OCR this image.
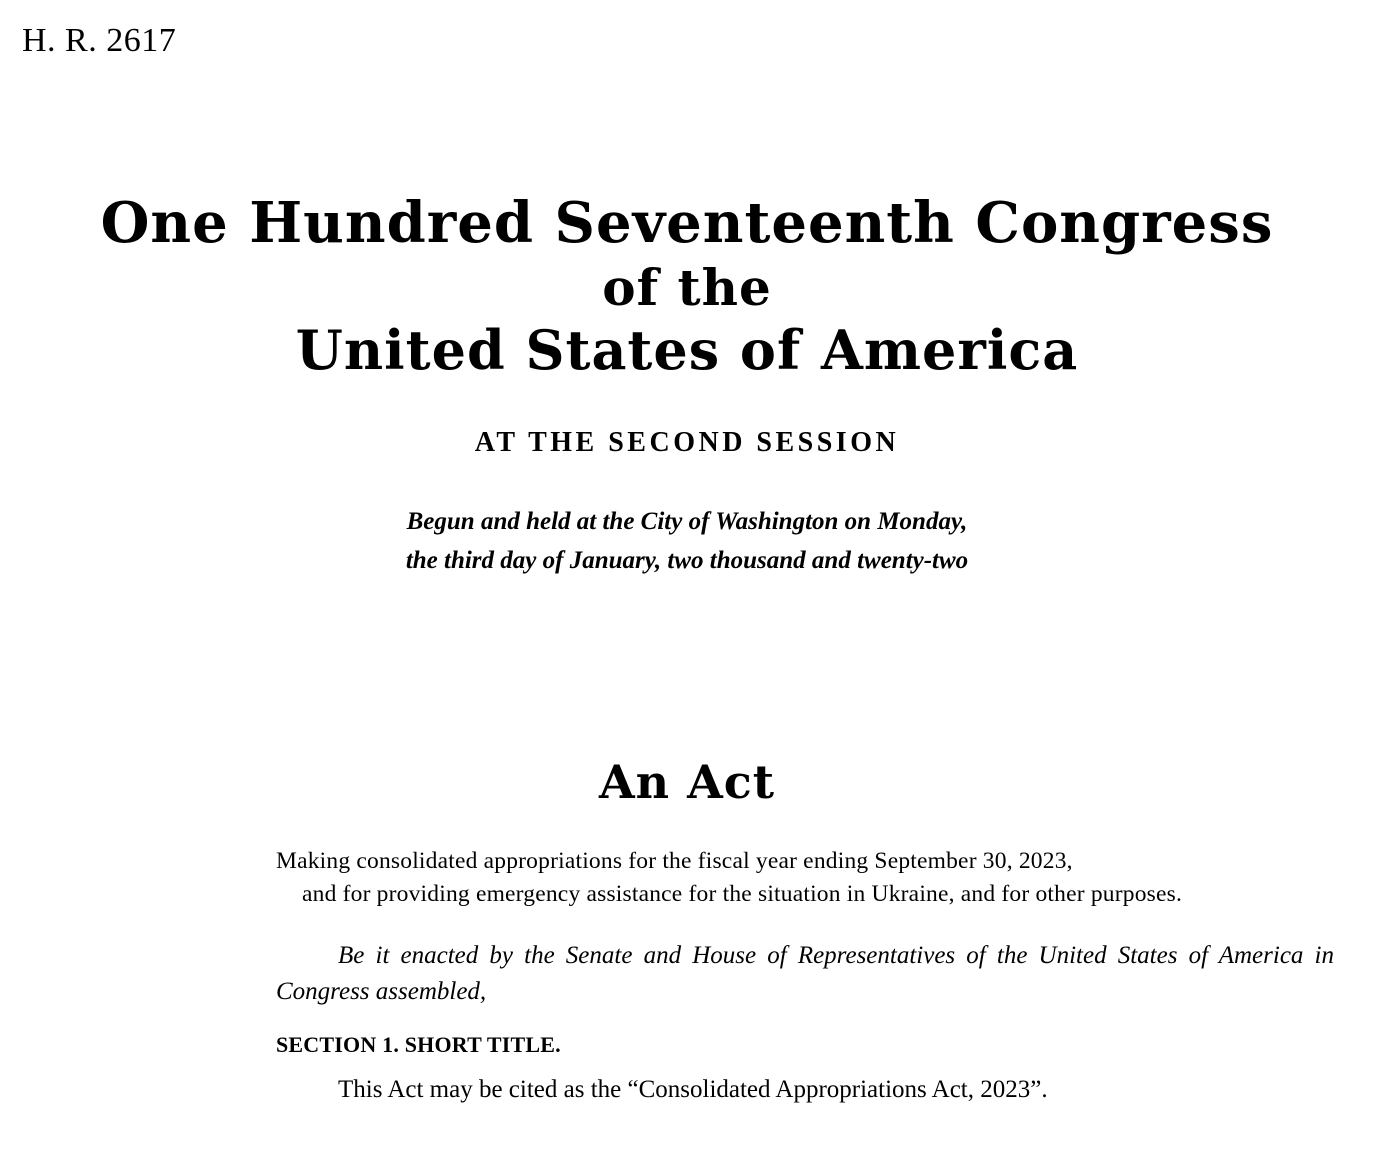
H. R. 2617
One Hundred Seventeenth Congress
of the
United States of America
AT THE SECOND SESSION
Begun and held at the City of Washington on Monday,
the third day of January, two thousand and twenty-two
An Act
Making consolidated appropriations for the fiscal year ending September 30, 2023,
and for providing emergency assistance for the situation in Ukraine, and for other purposes.
Be it enacted by the Senate and House of Representatives of the United States of America in Congress assembled,
SECTION 1. SHORT TITLE.
This Act may be cited as the “Consolidated Appropriations Act, 2023”.
